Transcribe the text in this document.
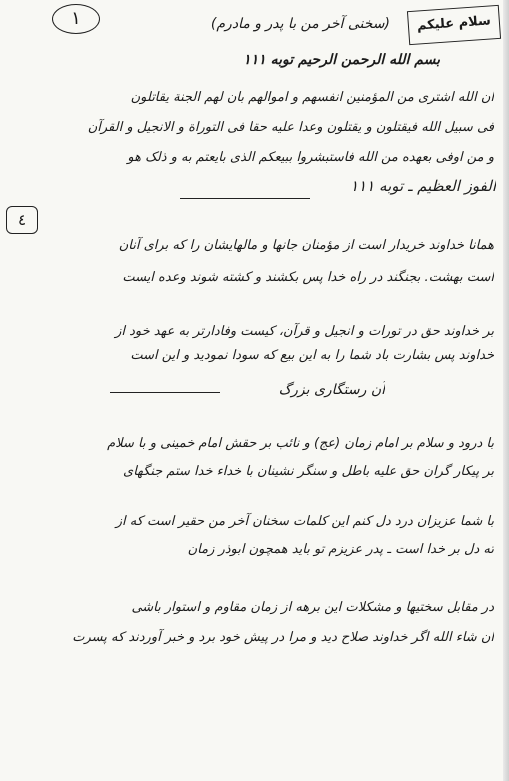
١	سلام علیکم
(سخنی آخر من با پدر و مادرم)
بسم الله الرحمن الرحیم توبه ۱۱۱
ان الله اشتری من المؤمنین انفسهم و اموالهم بان لهم الجنة یقاتلون
فی سبیل الله فیقتلون و یقتلون وعدا علیه حقا فی التوراة و الانجیل و القرآن
و من اوفی بعهده من الله فاستبشروا ببیعکم الذی بایعتم به و ذلک هو
الفوز العظیم ـ توبه ۱۱۱
٤
همانا خداوند خریدار است از مؤمنان جانها و مالهایشان را که برای آنان
است بهشت. بجنگند در راه خدا پس بکشند و کشته شوند وعده ایست
بر خداوند حق در تورات و انجیل و قرآن، کیست وفادارتر به عهد خود از
خداوند پس بشارت باد شما را به این بیع که سودا نمودید و این است
آن رستگاری بزرگ
با درود و سلام بر امام زمان (عج) و نائب بر حقش امام خمینی و با سلام
بر پیکار گران حق علیه باطل و سنگر نشینان با خداء خدا ستم جنگهای
با شما عزیزان درد دل کنم این کلمات سخنان آخر من حقیر است که از
ته دل بر خدا است ـ پدر عزیزم تو باید همچون ابوذر زمان
در مقابل سختیها و مشکلات این برهه از زمان مقاوم و استوار باشی
ان شاء الله اگر خداوند صلاح دید و مرا در پیش خود برد و خبر آوردند که پسرت
